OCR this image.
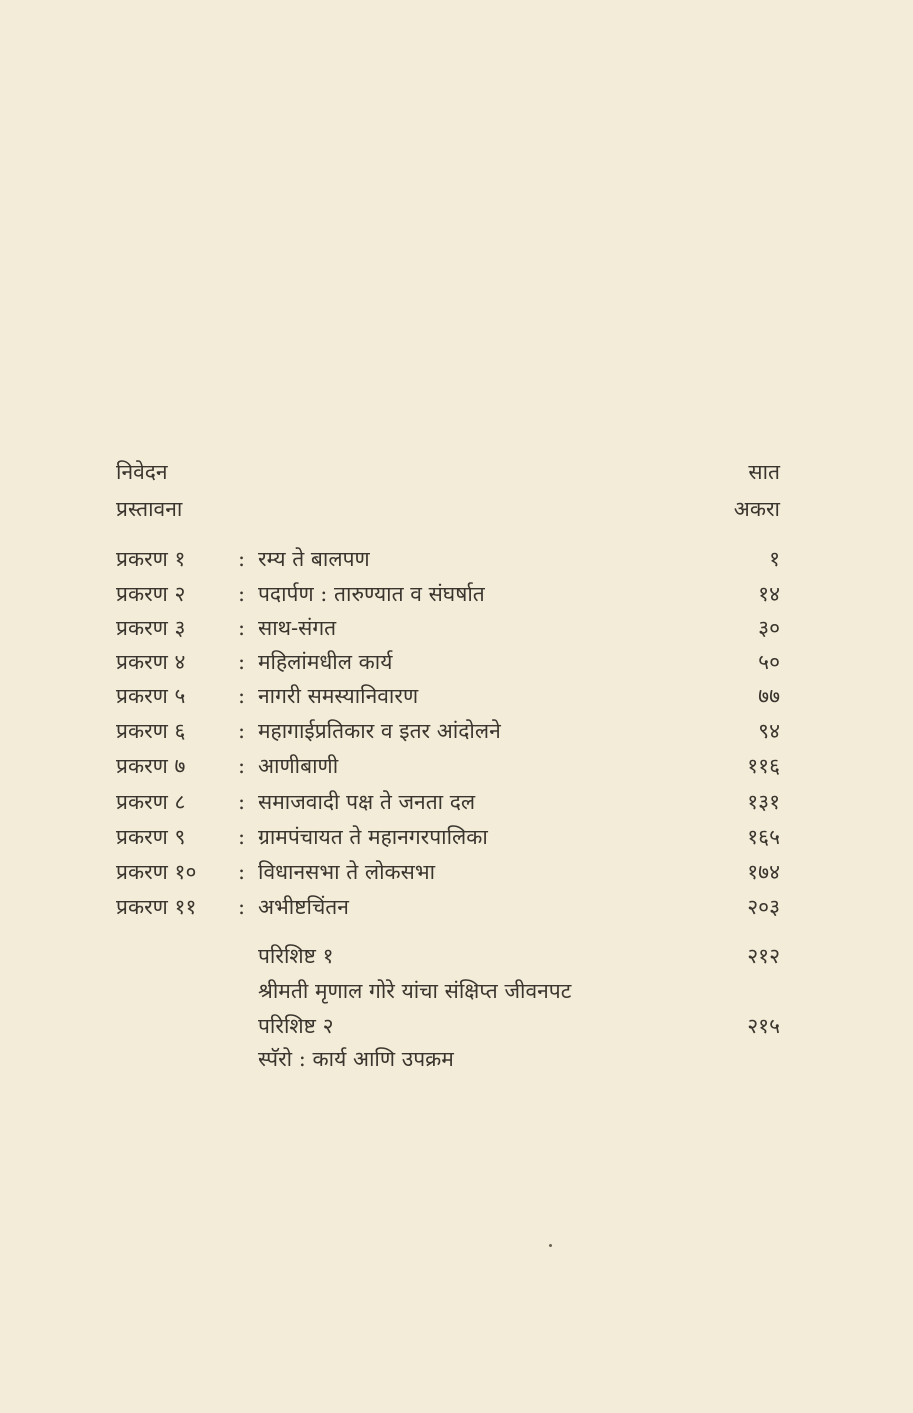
निवेदन	सात
प्रस्तावना	अकरा
प्रकरण १	: रम्य ते बालपण	१
प्रकरण २	: पदार्पण : तारुण्यात व संघर्षात	१४
प्रकरण ३	: साथ-संगत	३०
प्रकरण ४	: महिलांमधील कार्य	५०
प्रकरण ५	: नागरी समस्यानिवारण	७७
प्रकरण ६	: महागाईप्रतिकार व इतर आंदोलने	९४
प्रकरण ७	: आणीबाणी	११६
प्रकरण ८	: समाजवादी पक्ष ते जनता दल	१३१
प्रकरण ९	: ग्रामपंचायत ते महानगरपालिका	१६५
प्रकरण १० : विधानसभा ते लोकसभा	१७४
प्रकरण ११ : अभीष्टचिंतन	२०३
परिशिष्ट १	२१२
श्रीमती मृणाल गोरे यांचा संक्षिप्त जीवनपट
परिशिष्ट २	२१५
स्पॅरो : कार्य आणि उपक्रम
